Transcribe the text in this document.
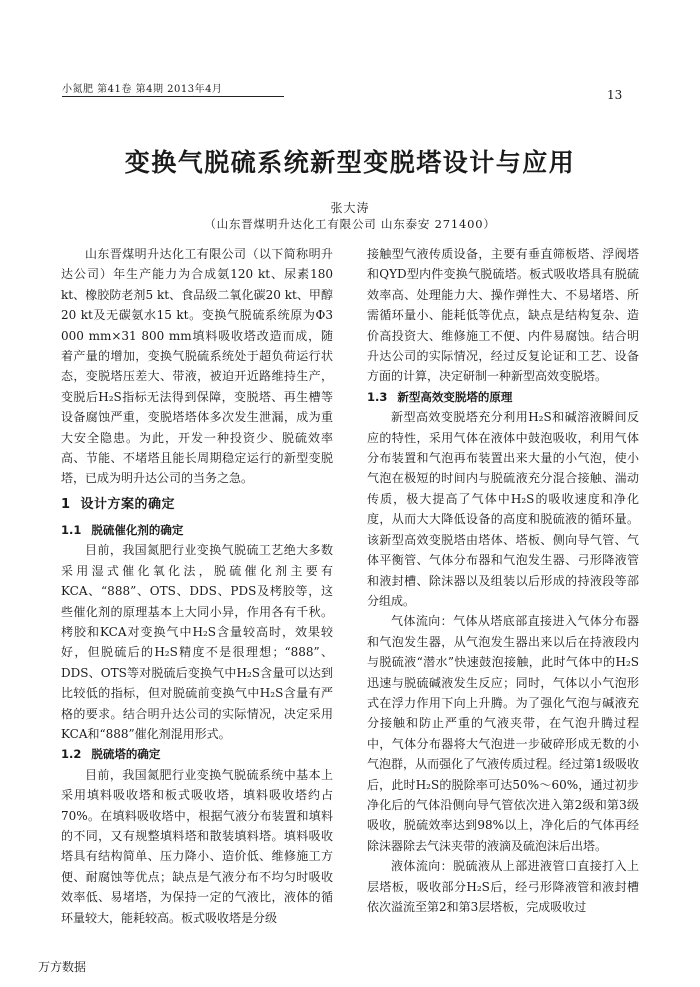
小氮肥 第41卷 第4期 2013年4月	13
变换气脱硫系统新型变脱塔设计与应用
张大涛
（山东晋煤明升达化工有限公司 山东泰安 271400）

山东晋煤明升达化工有限公司（以下简称明升达公司）年生产能力为合成氨120 kt、尿素180 kt、橡胶防老剂5 kt、食品级二氧化碳20 kt、甲醇20 kt及无碳氨水15 kt。变换气脱硫系统原为Φ3 000 mm×31 800 mm填料吸收塔改造而成，随着产量的增加，变换气脱硫系统处于超负荷运行状态，变脱塔压差大、带液，被迫开近路维持生产，变脱后H₂S指标无法得到保障，变脱塔、再生槽等设备腐蚀严重，变脱塔塔体多次发生泄漏，成为重大安全隐患。为此，开发一种投资少、脱硫效率高、节能、不堵塔且能长周期稳定运行的新型变脱塔，已成为明升达公司的当务之急。

1 设计方案的确定
1.1 脱硫催化剂的确定

目前，我国氮肥行业变换气脱硫工艺绝大多数采用湿式催化氧化法，脱硫催化剂主要有KCA、“888”、OTS、DDS、PDS及栲胶等，这些催化剂的原理基本上大同小异，作用各有千秋。栲胶和KCA对变换气中H₂S含量较高时，效果较好，但脱硫后的H₂S精度不是很理想；“888”、DDS、OTS等对脱硫后变换气中H₂S含量可以达到比较低的指标，但对脱硫前变换气中H₂S含量有严格的要求。结合明升达公司的实际情况，决定采用KCA和“888”催化剂混用形式。

1.2 脱硫塔的确定

目前，我国氮肥行业变换气脱硫系统中基本上采用填料吸收塔和板式吸收塔，填料吸收塔约占70%。在填料吸收塔中，根据气液分布装置和填料的不同，又有规整填料塔和散装填料塔。填料吸收塔具有结构简单、压力降小、造价低、维修施工方便、耐腐蚀等优点；缺点是气液分布不均匀时吸收效率低、易堵塔，为保持一定的气液比，液体的循环量较大，能耗较高。板式吸收塔是分级

接触型气液传质设备，主要有垂直筛板塔、浮阀塔和QYD型内件变换气脱硫塔。板式吸收塔具有脱硫效率高、处理能力大、操作弹性大、不易堵塔、所需循环量小、能耗低等优点，缺点是结构复杂、造价高投资大、维修施工不便、内件易腐蚀。结合明升达公司的实际情况，经过反复论证和工艺、设备方面的计算，决定研制一种新型高效变脱塔。

1.3 新型高效变脱塔的原理

新型高效变脱塔充分利用H₂S和碱溶液瞬间反应的特性，采用气体在液体中鼓泡吸收，利用气体分布装置和气泡再布装置出来大量的小气泡，使小气泡在极短的时间内与脱硫液充分混合接触、湍动传质，极大提高了气体中H₂S的吸收速度和净化度，从而大大降低设备的高度和脱硫液的循环量。该新型高效变脱塔由塔体、塔板、侧向导气管、气体平衡管、气体分布器和气泡发生器、弓形降液管和液封槽、除沫器以及组装以后形成的持液段等部分组成。

气体流向：气体从塔底部直接进入气体分布器和气泡发生器，从气泡发生器出来以后在持液段内与脱硫液“潜水”快速鼓泡接触，此时气体中的H₂S迅速与脱硫碱液发生反应；同时，气体以小气泡形式在浮力作用下向上升腾。为了强化气泡与碱液充分接触和防止严重的气液夹带，在气泡升腾过程中，气体分布器将大气泡进一步破碎形成无数的小气泡群，从而强化了气液传质过程。经过第1级吸收后，此时H₂S的脱除率可达50%～60%，通过初步净化后的气体沿侧向导气管依次进入第2级和第3级吸收，脱硫效率达到98%以上，净化后的气体再经除沫器除去气沫夹带的液滴及硫泡沫后出塔。

液体流向：脱硫液从上部进液管口直接打入上层塔板，吸收部分H₂S后，经弓形降液管和液封槽依次溢流至第2和第3层塔板，完成吸收过

万方数据
